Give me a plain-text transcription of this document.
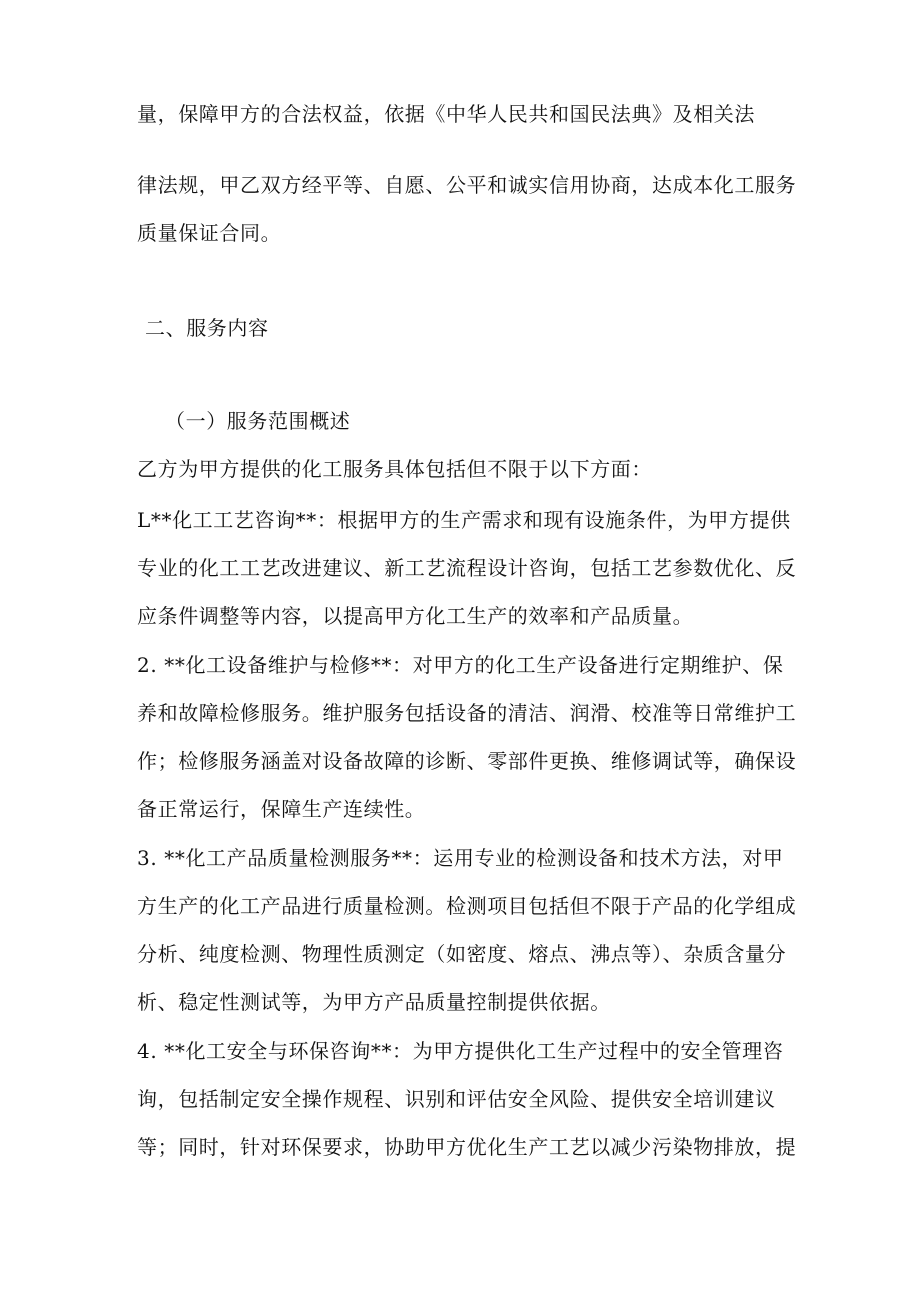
量，保障甲方的合法权益，依据《中华人民共和国民法典》及相关法
律法规，甲乙双方经平等、自愿、公平和诚实信用协商，达成本化工服务
质量保证合同。
二、服务内容
（一）服务范围概述
乙方为甲方提供的化工服务具体包括但不限于以下方面：
L**化工工艺咨询**：根据甲方的生产需求和现有设施条件，为甲方提供
专业的化工工艺改进建议、新工艺流程设计咨询，包括工艺参数优化、反
应条件调整等内容，以提高甲方化工生产的效率和产品质量。
2. **化工设备维护与检修**：对甲方的化工生产设备进行定期维护、保
养和故障检修服务。维护服务包括设备的清洁、润滑、校准等日常维护工
作；检修服务涵盖对设备故障的诊断、零部件更换、维修调试等，确保设
备正常运行，保障生产连续性。
3. **化工产品质量检测服务**：运用专业的检测设备和技术方法，对甲
方生产的化工产品进行质量检测。检测项目包括但不限于产品的化学组成
分析、纯度检测、物理性质测定（如密度、熔点、沸点等）、杂质含量分
析、稳定性测试等，为甲方产品质量控制提供依据。
4. **化工安全与环保咨询**：为甲方提供化工生产过程中的安全管理咨
询，包括制定安全操作规程、识别和评估安全风险、提供安全培训建议
等；同时，针对环保要求，协助甲方优化生产工艺以减少污染物排放，提
